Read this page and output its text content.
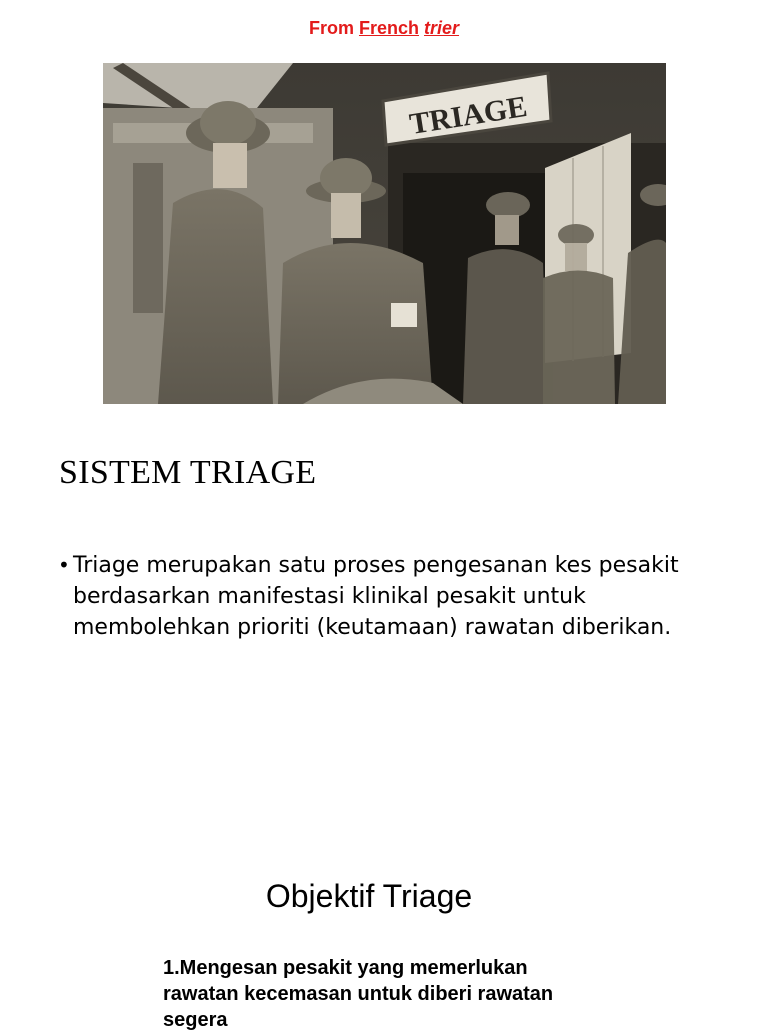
From French trier
TRIAGE
SISTEM TRIAGE
• Triage merupakan satu proses pengesanan kes pesakit berdasarkan manifestasi klinikal pesakit untuk membolehkan prioriti (keutamaan) rawatan diberikan.
Objektif Triage
1.Mengesan pesakit yang memerlukan rawatan kecemasan untuk diberi rawatan segera
